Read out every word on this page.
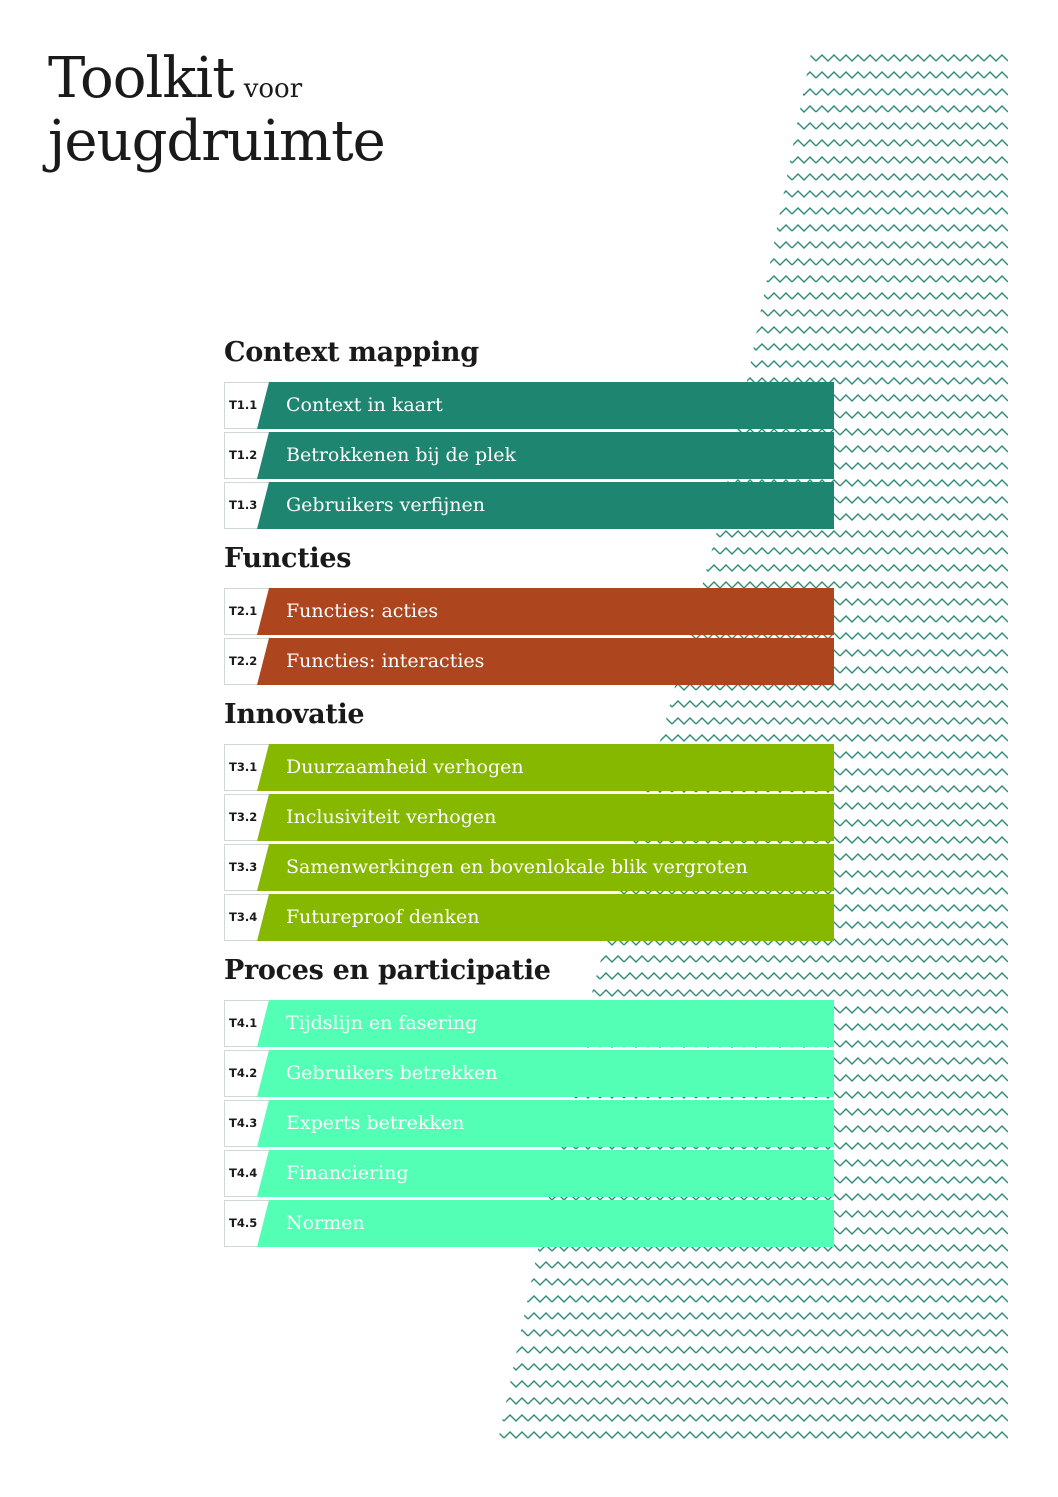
Toolkit voor
jeugdruimte
Context mapping
T1.1 Context in kaart
T1.2 Betrokkenen bij de plek
T1.3 Gebruikers verfijnen
Functies
T2.1 Functies: acties
T2.2 Functies: interacties
Innovatie
T3.1 Duurzaamheid verhogen
T3.2 Inclusiviteit verhogen
T3.3 Samenwerkingen en bovenlokale blik vergroten
T3.4 Futureproof denken
Proces en participatie
T4.1 Tijdslijn en fasering
T4.2 Gebruikers betrekken
T4.3 Experts betrekken
T4.4 Financiering
T4.5 Normen
